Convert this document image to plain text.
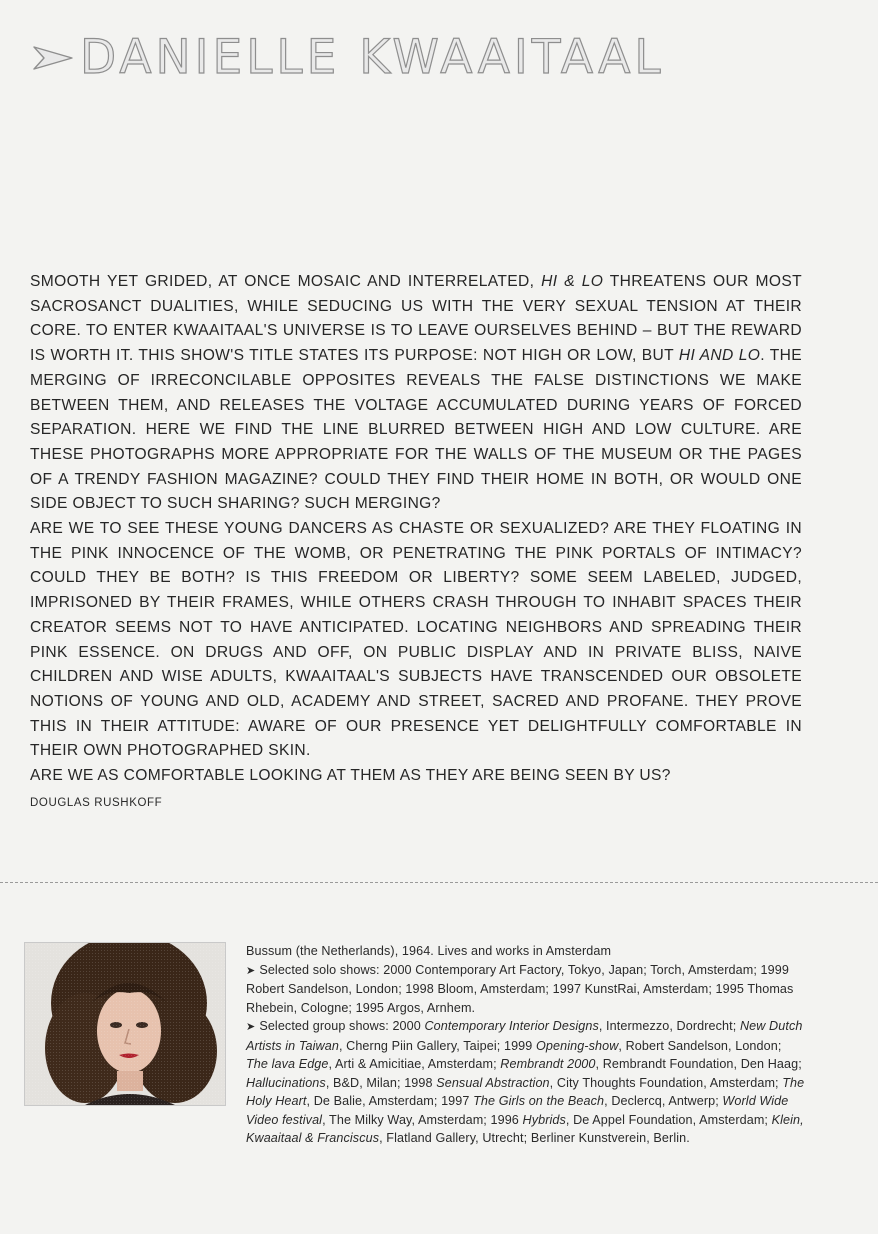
DANIELLE KWAAITAAL

SMOOTH YET GRIDED, AT ONCE MOSAIC AND INTERRELATED, HI & LO THREATENS OUR MOST SACROSANCT DUALITIES, WHILE SEDUCING US WITH THE VERY SEXUAL TENSION AT THEIR CORE. TO ENTER KWAAITAAL'S UNIVERSE IS TO LEAVE OURSELVES BEHIND – BUT THE REWARD IS WORTH IT. THIS SHOW'S TITLE STATES ITS PURPOSE: NOT HIGH OR LOW, BUT HI AND LO. THE MERGING OF IRRECONCILABLE OPPOSITES REVEALS THE FALSE DISTINCTIONS WE MAKE BETWEEN THEM, AND RELEASES THE VOLTAGE ACCUMULATED DURING YEARS OF FORCED SEPARATION. HERE WE FIND THE LINE BLURRED BETWEEN HIGH AND LOW CULTURE. ARE THESE PHOTOGRAPHS MORE APPROPRIATE FOR THE WALLS OF THE MUSEUM OR THE PAGES OF A TRENDY FASHION MAGAZINE? COULD THEY FIND THEIR HOME IN BOTH, OR WOULD ONE SIDE OBJECT TO SUCH SHARING? SUCH MERGING?

ARE WE TO SEE THESE YOUNG DANCERS AS CHASTE OR SEXUALIZED? ARE THEY FLOATING IN THE PINK INNOCENCE OF THE WOMB, OR PENETRATING THE PINK PORTALS OF INTIMACY? COULD THEY BE BOTH? IS THIS FREEDOM OR LIBERTY? SOME SEEM LABELED, JUDGED, IMPRISONED BY THEIR FRAMES, WHILE OTHERS CRASH THROUGH TO INHABIT SPACES THEIR CREATOR SEEMS NOT TO HAVE ANTICIPATED. LOCATING NEIGHBORS AND SPREADING THEIR PINK ESSENCE. ON DRUGS AND OFF, ON PUBLIC DISPLAY AND IN PRIVATE BLISS, NAIVE CHILDREN AND WISE ADULTS, KWAAITAAL'S SUBJECTS HAVE TRANSCENDED OUR OBSOLETE NOTIONS OF YOUNG AND OLD, ACADEMY AND STREET, SACRED AND PROFANE. THEY PROVE THIS IN THEIR ATTITUDE: AWARE OF OUR PRESENCE YET DELIGHTFULLY COMFORTABLE IN THEIR OWN PHOTOGRAPHED SKIN.

ARE WE AS COMFORTABLE LOOKING AT THEM AS THEY ARE BEING SEEN BY US?

DOUGLAS RUSHKOFF

Bussum (the Netherlands), 1964. Lives and works in Amsterdam

➤ Selected solo shows: 2000 Contemporary Art Factory, Tokyo, Japan; Torch, Amsterdam; 1999 Robert Sandelson, London; 1998 Bloom, Amsterdam; 1997 KunstRai, Amsterdam; 1995 Thomas Rhebein, Cologne; 1995 Argos, Arnhem.

➤ Selected group shows: 2000 Contemporary Interior Designs, Intermezzo, Dordrecht; New Dutch Artists in Taiwan, Cherng Piin Gallery, Taipei; 1999 Opening-show, Robert Sandelson, London; The lava Edge, Arti & Amicitiae, Amsterdam; Rembrandt 2000, Rembrandt Foundation, Den Haag; Hallucinations, B&D, Milan; 1998 Sensual Abstraction, City Thoughts Foundation, Amsterdam; The Holy Heart, De Balie, Amsterdam; 1997 The Girls on the Beach, Declercq, Antwerp; World Wide Video festival, The Milky Way, Amsterdam; 1996 Hybrids, De Appel Foundation, Amsterdam; Klein, Kwaaitaal & Franciscus, Flatland Gallery, Utrecht; Berliner Kunstverein, Berlin.
